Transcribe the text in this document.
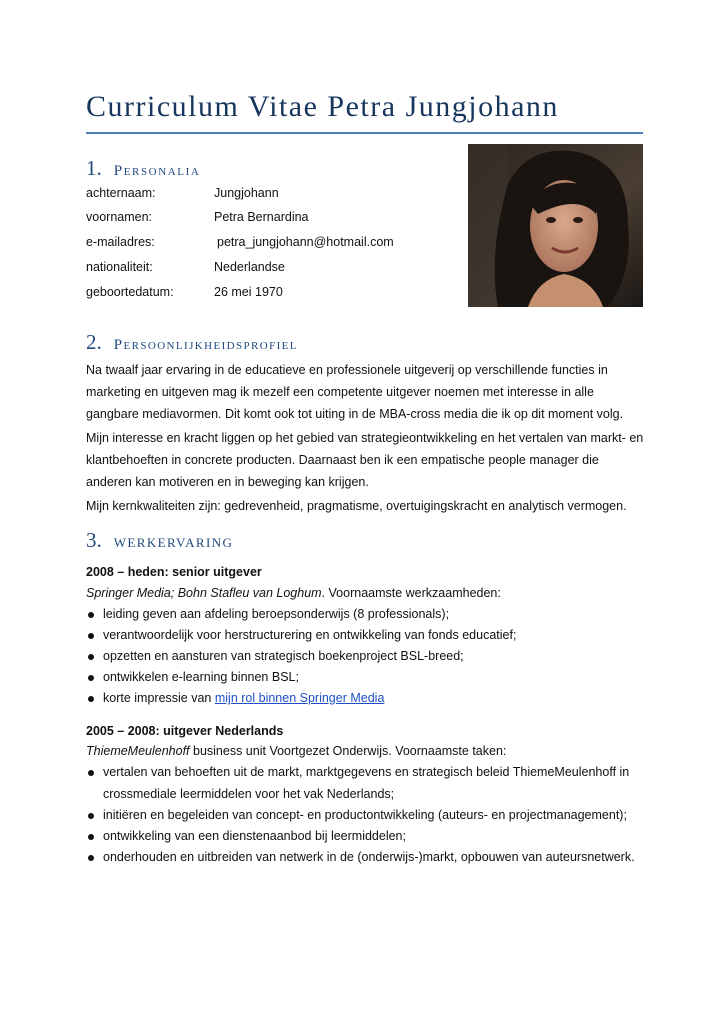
Curriculum Vitae Petra Jungjohann
1. Personalia
achternaam:	Jungjohann
voornamen:	Petra Bernardina
e-mailadres:	petra_jungjohann@hotmail.com
nationaliteit:	Nederlandse
geboortedatum:	26 mei 1970
2. Persoonlijkheidsprofiel
Na twaalf jaar ervaring in de educatieve en professionele uitgeverij op verschillende functies in marketing en uitgeven mag ik mezelf een competente uitgever noemen met interesse in alle gangbare mediavormen. Dit komt ook tot uiting in de MBA-cross media die ik op dit moment volg.
Mijn interesse en kracht liggen op het gebied van strategieontwikkeling en het vertalen van markt- en klantbehoeften in concrete producten. Daarnaast ben ik een empatische people manager die anderen kan motiveren en in beweging kan krijgen.
Mijn kernkwaliteiten zijn: gedrevenheid, pragmatisme, overtuigingskracht en analytisch vermogen.
3. WERKERVARING
2008 – heden: senior uitgever
Springer Media; Bohn Stafleu van Loghum. Voornaamste werkzaamheden:
leiding geven aan afdeling beroepsonderwijs (8 professionals);
verantwoordelijk voor herstructurering en ontwikkeling van fonds educatief;
opzetten en aansturen van strategisch boekenproject BSL-breed;
ontwikkelen e-learning binnen BSL;
korte impressie van mijn rol binnen Springer Media
2005 – 2008: uitgever Nederlands
ThiemeMeulenhoff business unit Voortgezet Onderwijs. Voornaamste taken:
vertalen van behoeften uit de markt, marktgegevens en strategisch beleid ThiemeMeulenhoff in crossmediale leermiddelen voor het vak Nederlands;
initiëren en begeleiden van concept- en productontwikkeling (auteurs- en projectmanagement);
ontwikkeling van een dienstenaanbod bij leermiddelen;
onderhouden en uitbreiden van netwerk in de (onderwijs-)markt, opbouwen van auteursnetwerk.
